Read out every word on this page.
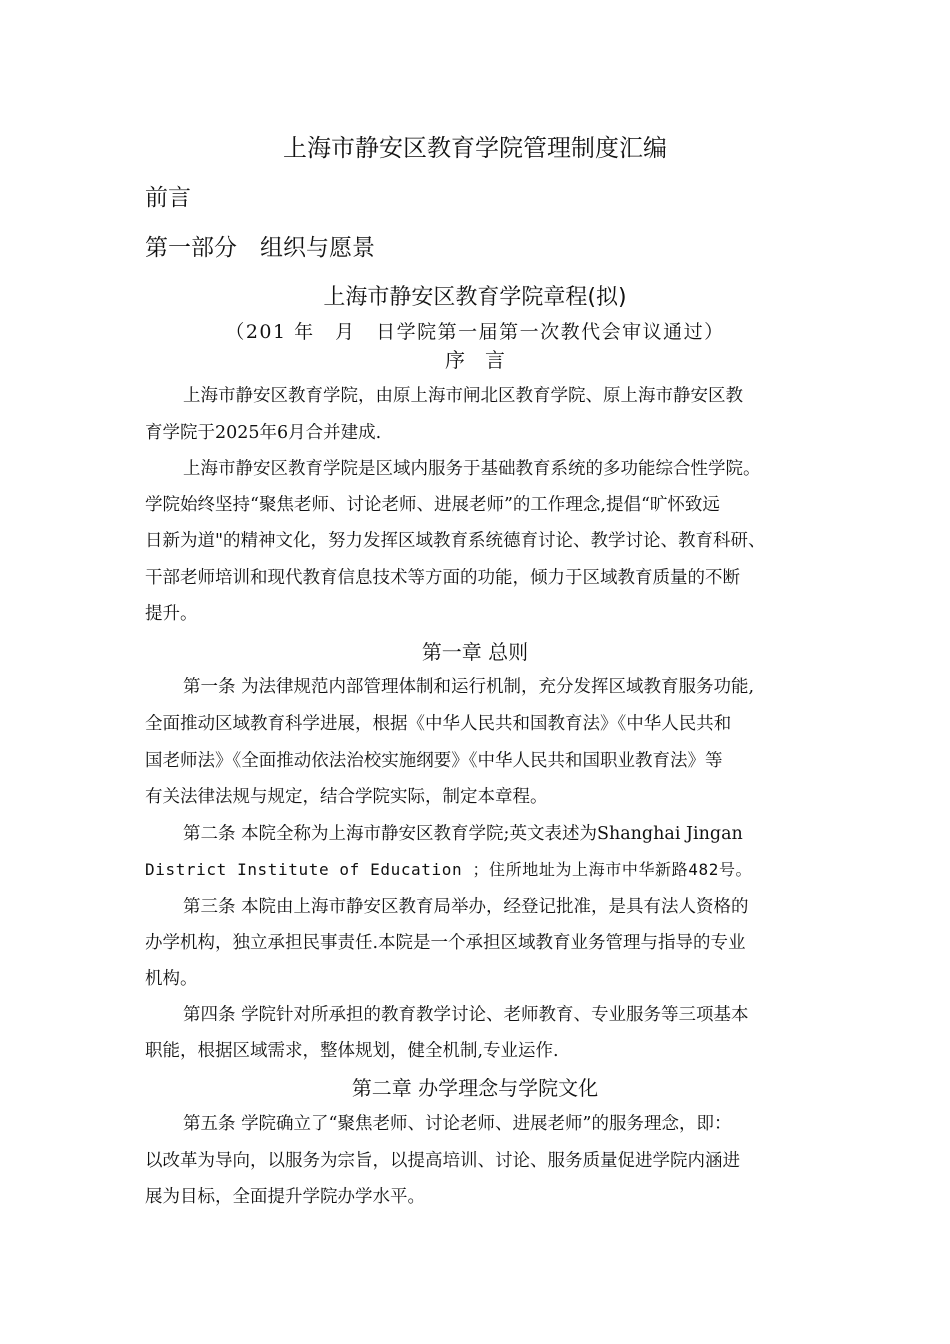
上海市静安区教育学院管理制度汇编
前言
第一部分　组织与愿景
上海市静安区教育学院章程(拟)
（201 年　月　日学院第一届第一次教代会审议通过）
序　言
上海市静安区教育学院，由原上海市闸北区教育学院、原上海市静安区教
育学院于2025年6月合并建成.
上海市静安区教育学院是区域内服务于基础教育系统的多功能综合性学院。
学院始终坚持“聚焦老师、讨论老师、进展老师”的工作理念,提倡“旷怀致远
日新为道"的精神文化，努力发挥区域教育系统德育讨论、教学讨论、教育科研、
干部老师培训和现代教育信息技术等方面的功能，倾力于区域教育质量的不断
提升。
第一章 总则
第一条 为法律规范内部管理体制和运行机制，充分发挥区域教育服务功能,
全面推动区域教育科学进展，根据《中华人民共和国教育法》《中华人民共和
国老师法》《全面推动依法治校实施纲要》《中华人民共和国职业教育法》等
有关法律法规与规定，结合学院实际，制定本章程。
第二条 本院全称为上海市静安区教育学院;英文表述为Shanghai Jingan
District Institute of Education ；住所地址为上海市中华新路482号。
第三条 本院由上海市静安区教育局举办，经登记批准，是具有法人资格的
办学机构，独立承担民事责任.本院是一个承担区域教育业务管理与指导的专业
机构。
第四条 学院针对所承担的教育教学讨论、老师教育、专业服务等三项基本
职能，根据区域需求，整体规划，健全机制,专业运作.
第二章 办学理念与学院文化
第五条 学院确立了“聚焦老师、讨论老师、进展老师”的服务理念，即：
以改革为导向，以服务为宗旨，以提高培训、讨论、服务质量促进学院内涵进
展为目标，全面提升学院办学水平。
